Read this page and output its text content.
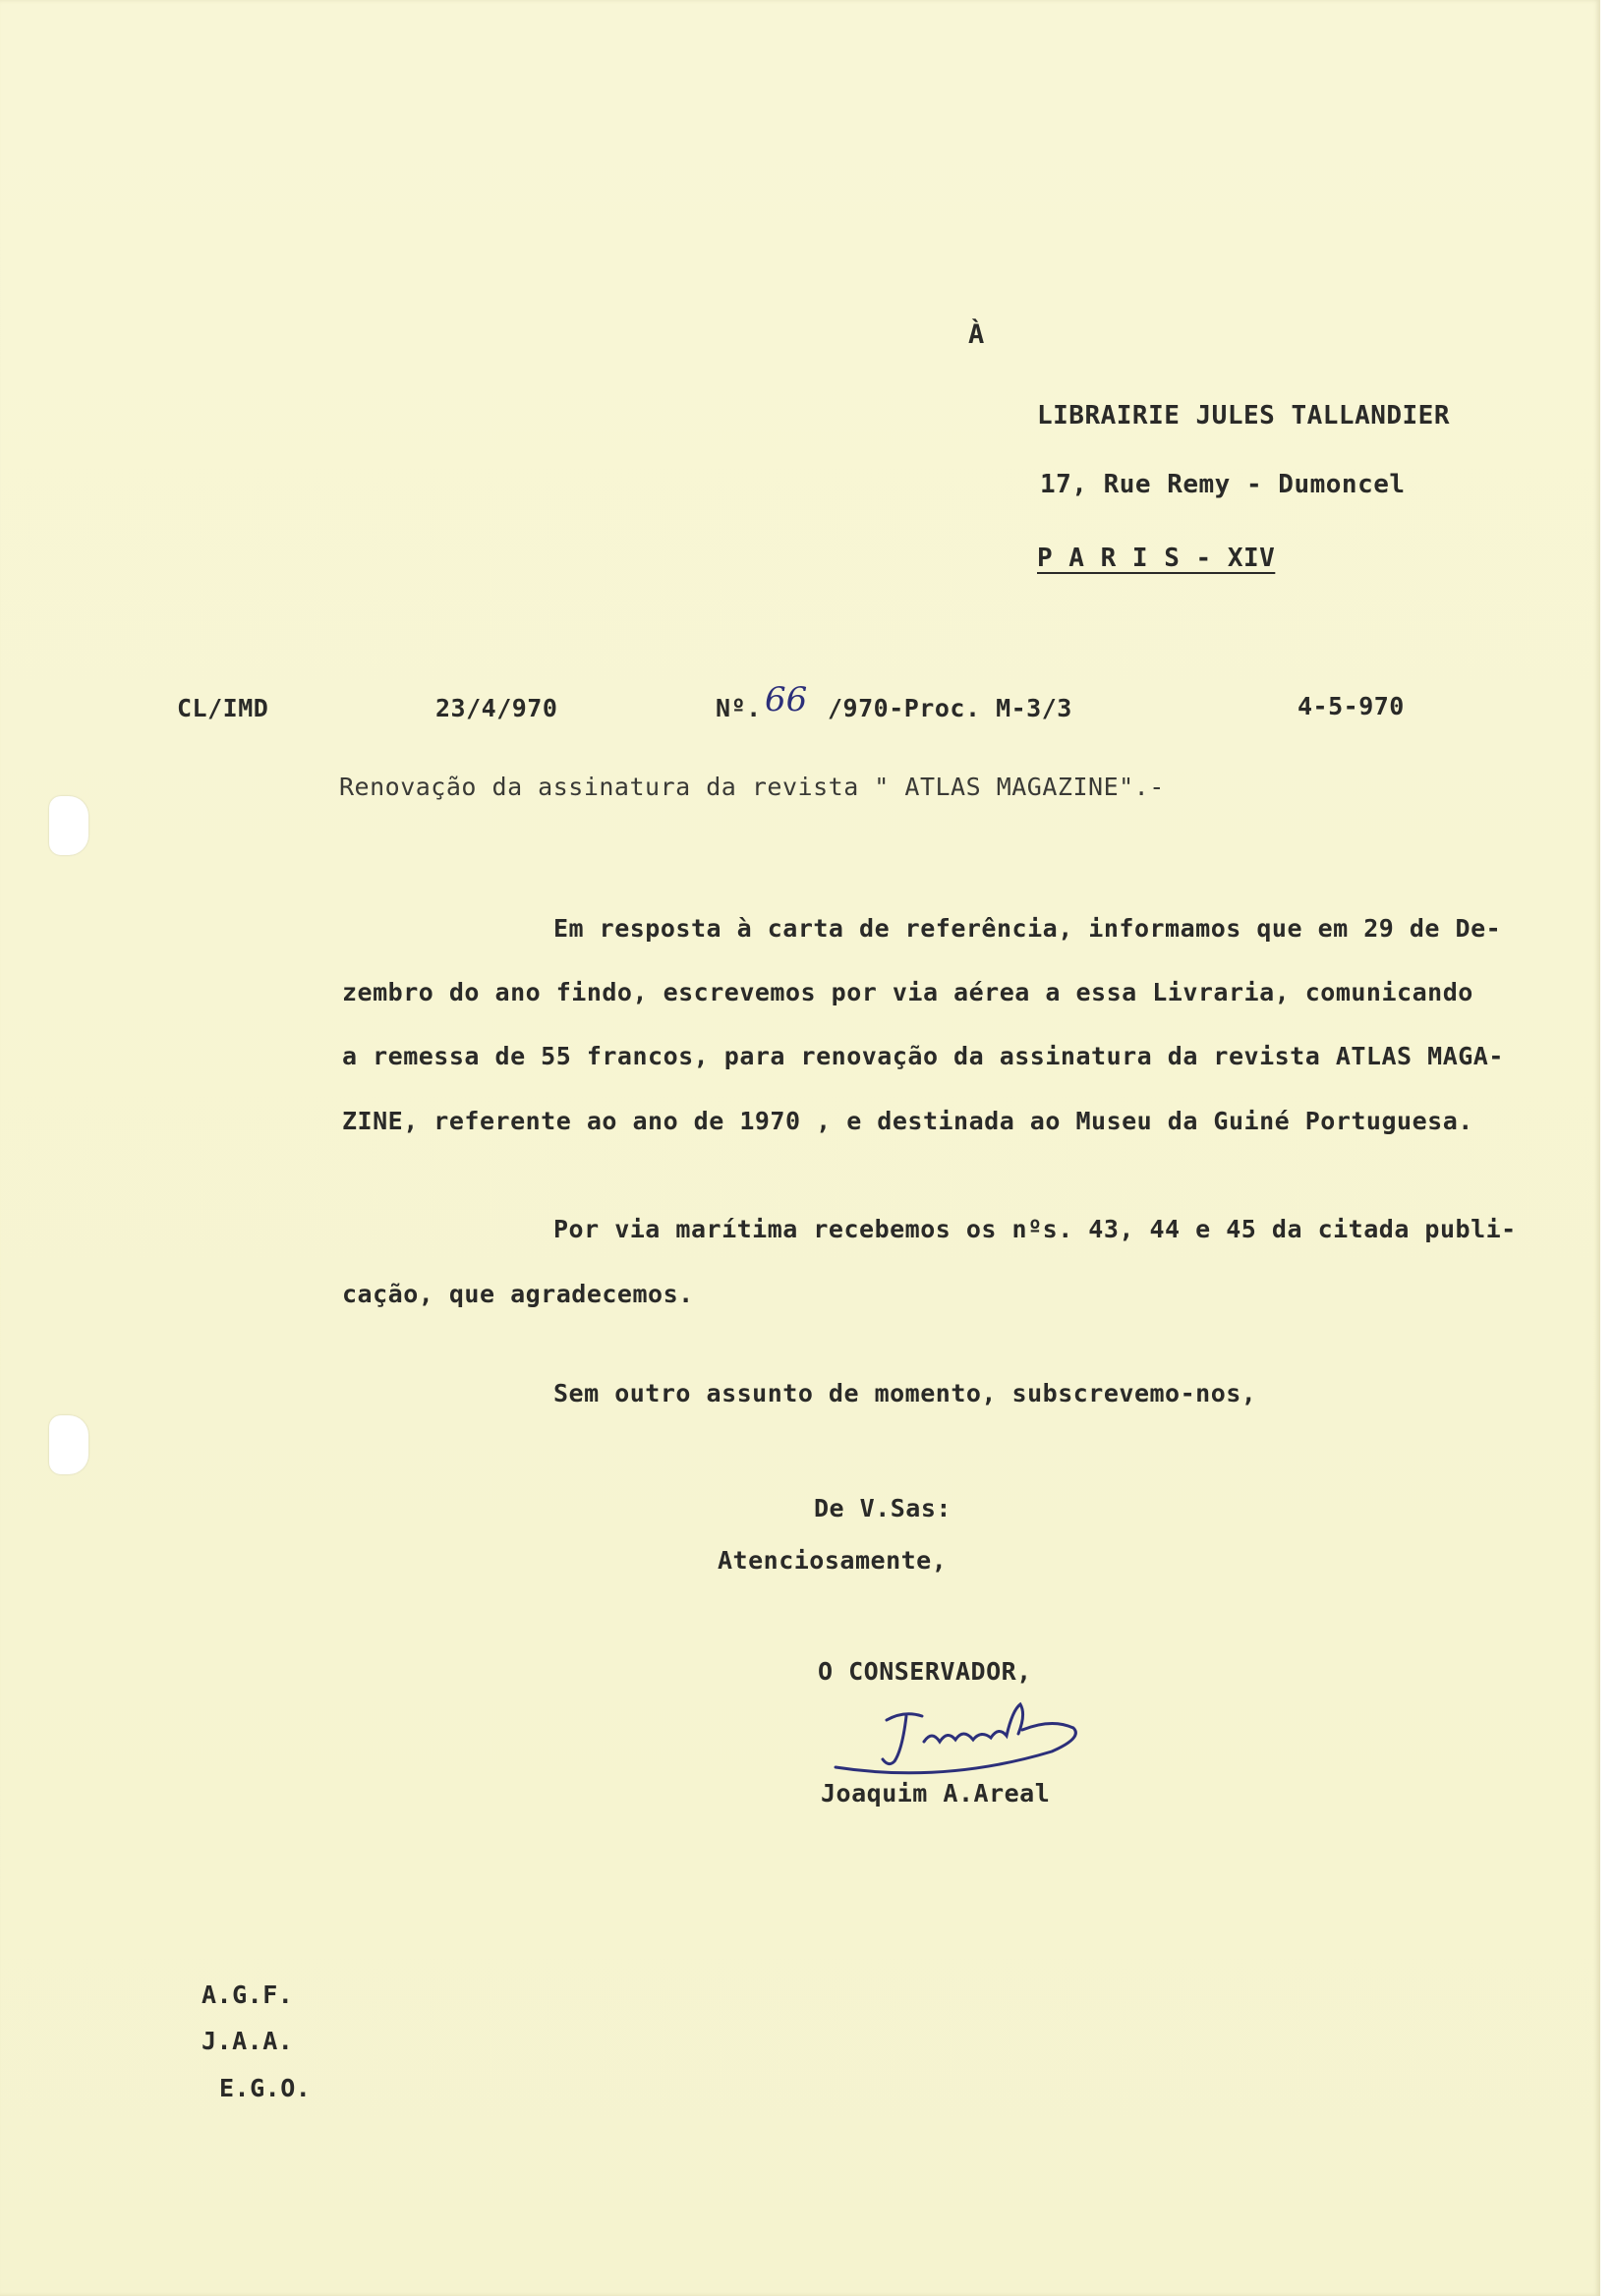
À
LIBRAIRIE JULES TALLANDIER
17, Rue Remy - Dumoncel
P A R I S - XIV
CL/IMD	23/4/970	Nº. 66 /970-Proc. M-3/3	4-5-970
Renovação da assinatura da revista " ATLAS MAGAZINE".-
Em resposta à carta de referência, informamos que em 29 de De-
zembro do ano findo, escrevemos por via aérea a essa Livraria, comunicando
a remessa de 55 francos, para renovação da assinatura da revista ATLAS MAGA-
ZINE, referente ao ano de 1970 , e destinada ao Museu da Guiné Portuguesa.
Por via marítima recebemos os nºs. 43, 44 e 45 da citada publi-
cação, que agradecemos.
Sem outro assunto de momento, subscrevemo-nos,
De V.Sas:
Atenciosamente,
O CONSERVADOR,
Joaquim A.Areal
A.G.F.
J.A.A.
E.G.O.
